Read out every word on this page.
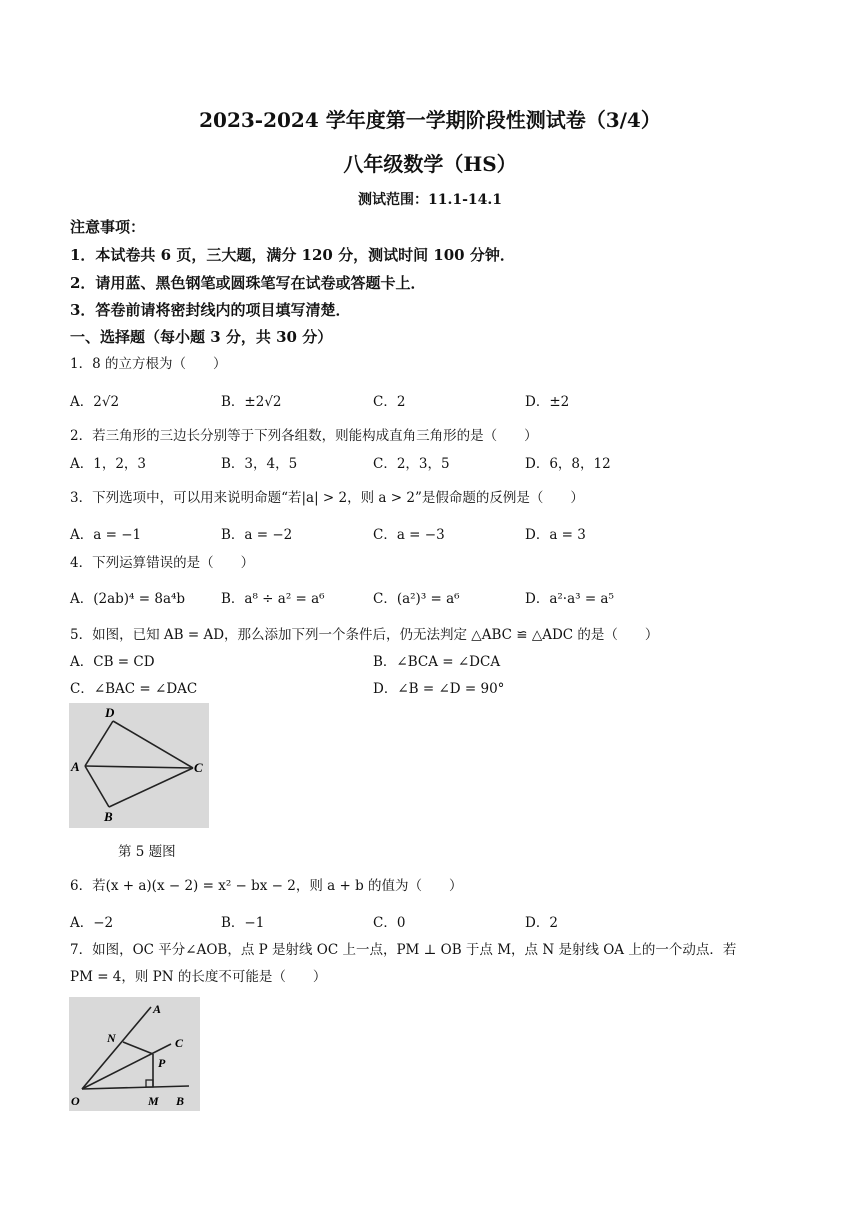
2023-2024 学年度第一学期阶段性测试卷（3/4）
八年级数学（HS）
测试范围：11.1-14.1
注意事项：
1．本试卷共 6 页，三大题，满分 120 分，测试时间 100 分钟．
2．请用蓝、黑色钢笔或圆珠笔写在试卷或答题卡上．
3．答卷前请将密封线内的项目填写清楚．
一、选择题（每小题 3 分，共 30 分）
1．8 的立方根为（　　）
A．2√2	B．±2√2	C．2	D．±2
2．若三角形的三边长分别等于下列各组数，则能构成直角三角形的是（　　）
A．1，2，3	B．3，4，5	C．2，3，5	D．6，8，12
3．下列选项中，可以用来说明命题“若|a| > 2，则 a > 2”是假命题的反例是（　　）
A．a = −1	B．a = −2	C．a = −3	D．a = 3
4．下列运算错误的是（　　）
A．(2ab)⁴ = 8a⁴b	B．a⁸ ÷ a² = a⁶	C．(a²)³ = a⁶	D．a²·a³ = a⁵
5．如图，已知 AB = AD，那么添加下列一个条件后，仍无法判定 △ABC ≌ △ADC 的是（　　）
A．CB = CD	B．∠BCA = ∠DCA
C．∠BAC = ∠DAC	D．∠B = ∠D = 90°
D
A	C
B
第 5 题图
6．若(x + a)(x − 2) = x² − bx − 2，则 a + b 的值为（　　）
A．−2	B．−1	C．0	D．2
7．如图，OC 平分∠AOB，点 P 是射线 OC 上一点，PM ⊥ OB 于点 M，点 N 是射线 OA 上的一个动点．若
PM = 4，则 PN 的长度不可能是（　　）
A
N	C
P
O	M B
